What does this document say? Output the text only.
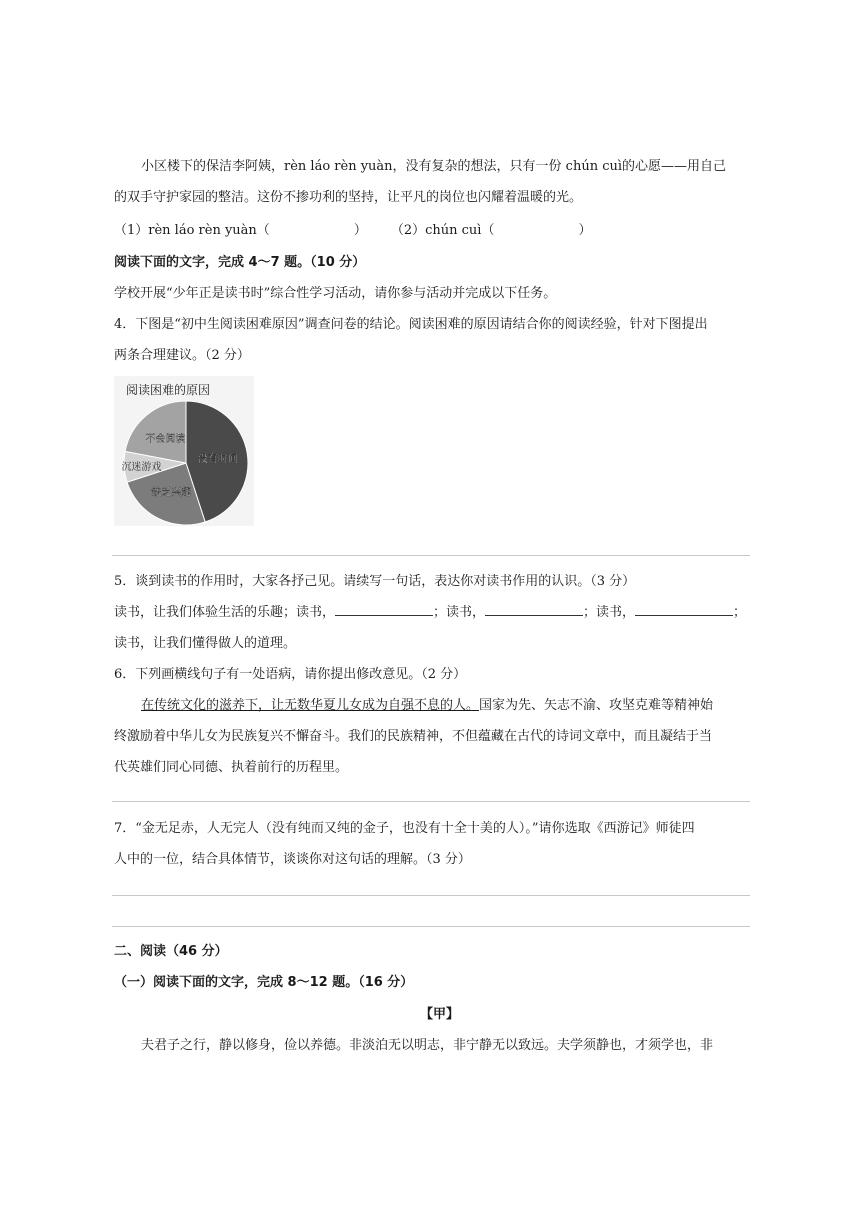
小区楼下的保洁李阿姨，rèn láo rèn yuàn，没有复杂的想法，只有一份 chún cuì的心愿——用自己
的双手守护家园的整洁。这份不掺功利的坚持，让平凡的岗位也闪耀着温暖的光。
（1）rèn láo rèn yuàn（	） （2）chún cuì（	）
阅读下面的文字，完成 4～7 题。（10 分）
学校开展“少年正是读书时”综合性学习活动，请你参与活动并完成以下任务。
4．下图是“初中生阅读困难原因”调查问卷的结论。阅读困难的原因请结合你的阅读经验，针对下图提出
两条合理建议。（2 分）
阅读困难的原因
没有时间
缺乏兴趣
沉迷游戏
不会阅读
5．谈到读书的作用时，大家各抒己见。请续写一句话，表达你对读书作用的认识。（3 分）
读书，让我们体验生活的乐趣；读书，	；读书，	；读书，	；
读书，让我们懂得做人的道理。
6．下列画横线句子有一处语病，请你提出修改意见。（2 分）
在传统文化的滋养下，让无数华夏儿女成为自强不息的人。国家为先、矢志不渝、攻坚克难等精神始
终激励着中华儿女为民族复兴不懈奋斗。我们的民族精神，不但蕴藏在古代的诗词文章中，而且凝结于当
代英雄们同心同德、执着前行的历程里。
7．“金无足赤，人无完人（没有纯而又纯的金子，也没有十全十美的人）。”请你选取《西游记》师徒四
人中的一位，结合具体情节，谈谈你对这句话的理解。（3 分）
二、阅读（46 分）
（一）阅读下面的文字，完成 8～12 题。（16 分）
【甲】
夫君子之行，静以修身，俭以养德。非淡泊无以明志，非宁静无以致远。夫学须静也，才须学也，非
